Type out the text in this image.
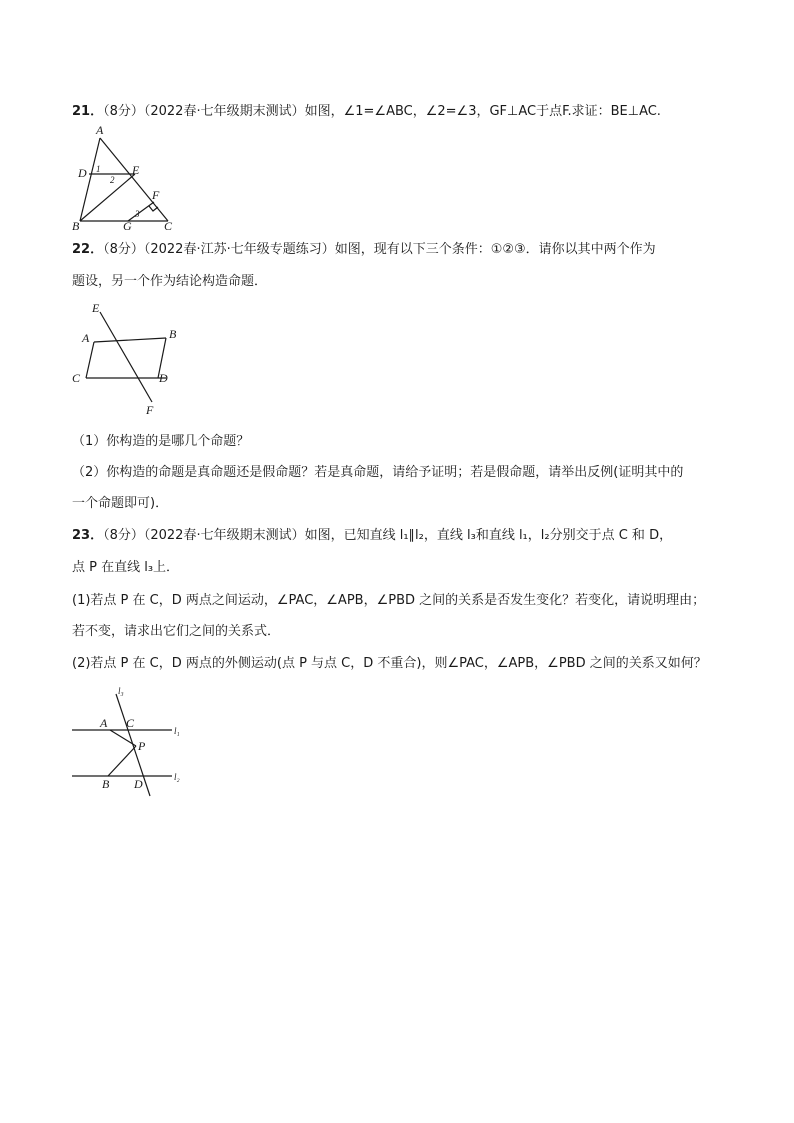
21．（8分）（2022春·七年级期末测试）如图，∠1=∠ABC，∠2=∠3，GF⊥AC于点F.求证：BE⊥AC.
A
B	C
D	E
F
G
1
2
3
22．（8分）（2022春·江苏·七年级专题练习）如图，现有以下三个条件：①②③．请你以其中两个作为
题设，另一个作为结论构造命题．
E
A	B
C	D
F
（1）你构造的是哪几个命题？
（2）你构造的命题是真命题还是假命题？若是真命题，请给予证明；若是假命题，请举出反例(证明其中的
一个命题即可)．
23．（8分）（2022春·七年级期末测试）如图，已知直线 l₁∥l₂，直线 l₃和直线 l₁，l₂分别交于点 C 和 D，
点 P 在直线 l₃上．
(1)若点 P 在 C，D 两点之间运动，∠PAC，∠APB，∠PBD 之间的关系是否发生变化？若变化，请说明理由；
若不变，请求出它们之间的关系式．
(2)若点 P 在 C，D 两点的外侧运动(点 P 与点 C，D 不重合)，则∠PAC，∠APB，∠PBD 之间的关系又如何？
A C
P
B D
l₁
l₂
l₃
